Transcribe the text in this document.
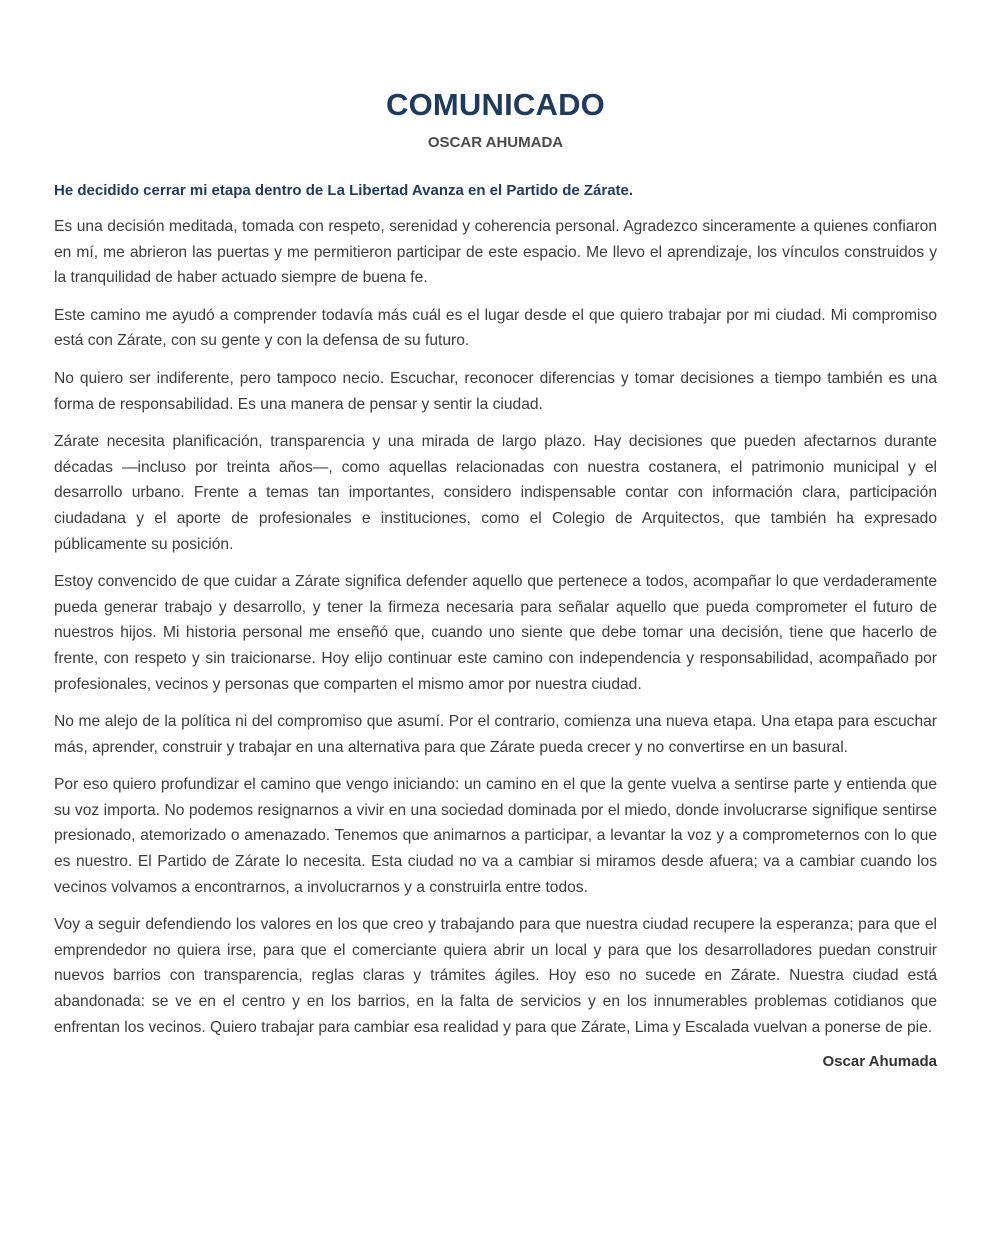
COMUNICADO
OSCAR AHUMADA

He decidido cerrar mi etapa dentro de La Libertad Avanza en el Partido de Zárate.

Es una decisión meditada, tomada con respeto, serenidad y coherencia personal. Agradezco sinceramente a quienes confiaron en mí, me abrieron las puertas y me permitieron participar de este espacio. Me llevo el aprendizaje, los vínculos construidos y la tranquilidad de haber actuado siempre de buena fe.

Este camino me ayudó a comprender todavía más cuál es el lugar desde el que quiero trabajar por mi ciudad. Mi compromiso está con Zárate, con su gente y con la defensa de su futuro.

No quiero ser indiferente, pero tampoco necio. Escuchar, reconocer diferencias y tomar decisiones a tiempo también es una forma de responsabilidad. Es una manera de pensar y sentir la ciudad.

Zárate necesita planificación, transparencia y una mirada de largo plazo. Hay decisiones que pueden afectarnos durante décadas —incluso por treinta años—, como aquellas relacionadas con nuestra costanera, el patrimonio municipal y el desarrollo urbano. Frente a temas tan importantes, considero indispensable contar con información clara, participación ciudadana y el aporte de profesionales e instituciones, como el Colegio de Arquitectos, que también ha expresado públicamente su posición.

Estoy convencido de que cuidar a Zárate significa defender aquello que pertenece a todos, acompañar lo que verdaderamente pueda generar trabajo y desarrollo, y tener la firmeza necesaria para señalar aquello que pueda comprometer el futuro de nuestros hijos. Mi historia personal me enseñó que, cuando uno siente que debe tomar una decisión, tiene que hacerlo de frente, con respeto y sin traicionarse. Hoy elijo continuar este camino con independencia y responsabilidad, acompañado por profesionales, vecinos y personas que comparten el mismo amor por nuestra ciudad.

No me alejo de la política ni del compromiso que asumí. Por el contrario, comienza una nueva etapa. Una etapa para escuchar más, aprender, construir y trabajar en una alternativa para que Zárate pueda crecer y no convertirse en un basural.

Por eso quiero profundizar el camino que vengo iniciando: un camino en el que la gente vuelva a sentirse parte y entienda que su voz importa. No podemos resignarnos a vivir en una sociedad dominada por el miedo, donde involucrarse signifique sentirse presionado, atemorizado o amenazado. Tenemos que animarnos a participar, a levantar la voz y a comprometernos con lo que es nuestro. El Partido de Zárate lo necesita. Esta ciudad no va a cambiar si miramos desde afuera; va a cambiar cuando los vecinos volvamos a encontrarnos, a involucrarnos y a construirla entre todos.

Voy a seguir defendiendo los valores en los que creo y trabajando para que nuestra ciudad recupere la esperanza; para que el emprendedor no quiera irse, para que el comerciante quiera abrir un local y para que los desarrolladores puedan construir nuevos barrios con transparencia, reglas claras y trámites ágiles. Hoy eso no sucede en Zárate. Nuestra ciudad está abandonada: se ve en el centro y en los barrios, en la falta de servicios y en los innumerables problemas cotidianos que enfrentan los vecinos. Quiero trabajar para cambiar esa realidad y para que Zárate, Lima y Escalada vuelvan a ponerse de pie.

Oscar Ahumada
